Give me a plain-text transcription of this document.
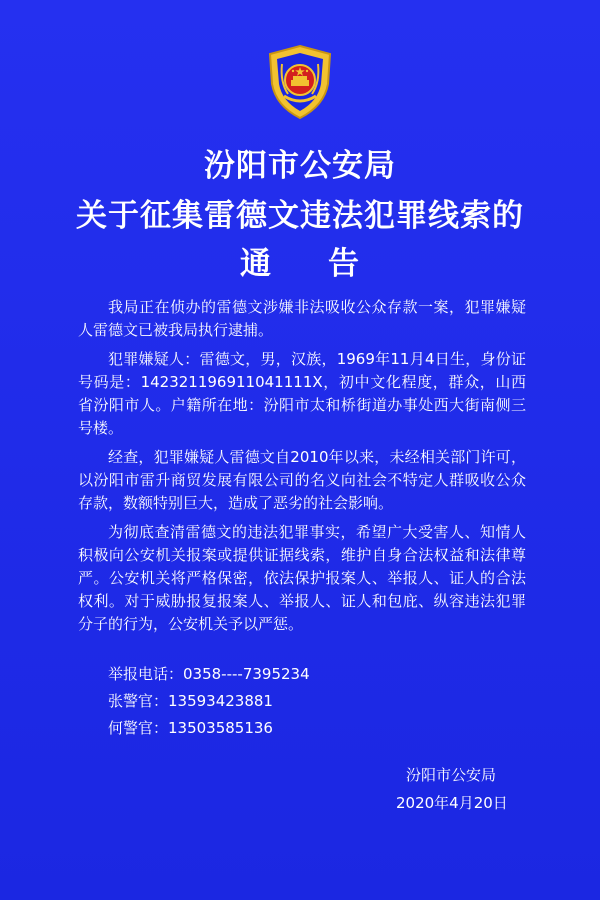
汾阳市公安局
关于征集雷德文违法犯罪线索的
通 告

我局正在侦办的雷德文涉嫌非法吸收公众存款一案，犯罪嫌疑人雷德文已被我局执行逮捕。

犯罪嫌疑人：雷德文，男，汉族，1969年11月4日生，身份证号码是：142321196911041111X，初中文化程度，群众，山西省汾阳市人。户籍所在地：汾阳市太和桥街道办事处西大街南侧三号楼。

经查，犯罪嫌疑人雷德文自2010年以来，未经相关部门许可，以汾阳市雷升商贸发展有限公司的名义向社会不特定人群吸收公众存款，数额特别巨大，造成了恶劣的社会影响。

为彻底查清雷德文的违法犯罪事实，希望广大受害人、知情人积极向公安机关报案或提供证据线索，维护自身合法权益和法律尊严。公安机关将严格保密，依法保护报案人、举报人、证人的合法权利。对于威胁报复报案人、举报人、证人和包庇、纵容违法犯罪分子的行为，公安机关予以严惩。

举报电话：0358----7395234
张警官：13593423881
何警官：13503585136
汾阳市公安局
2020年4月20日
